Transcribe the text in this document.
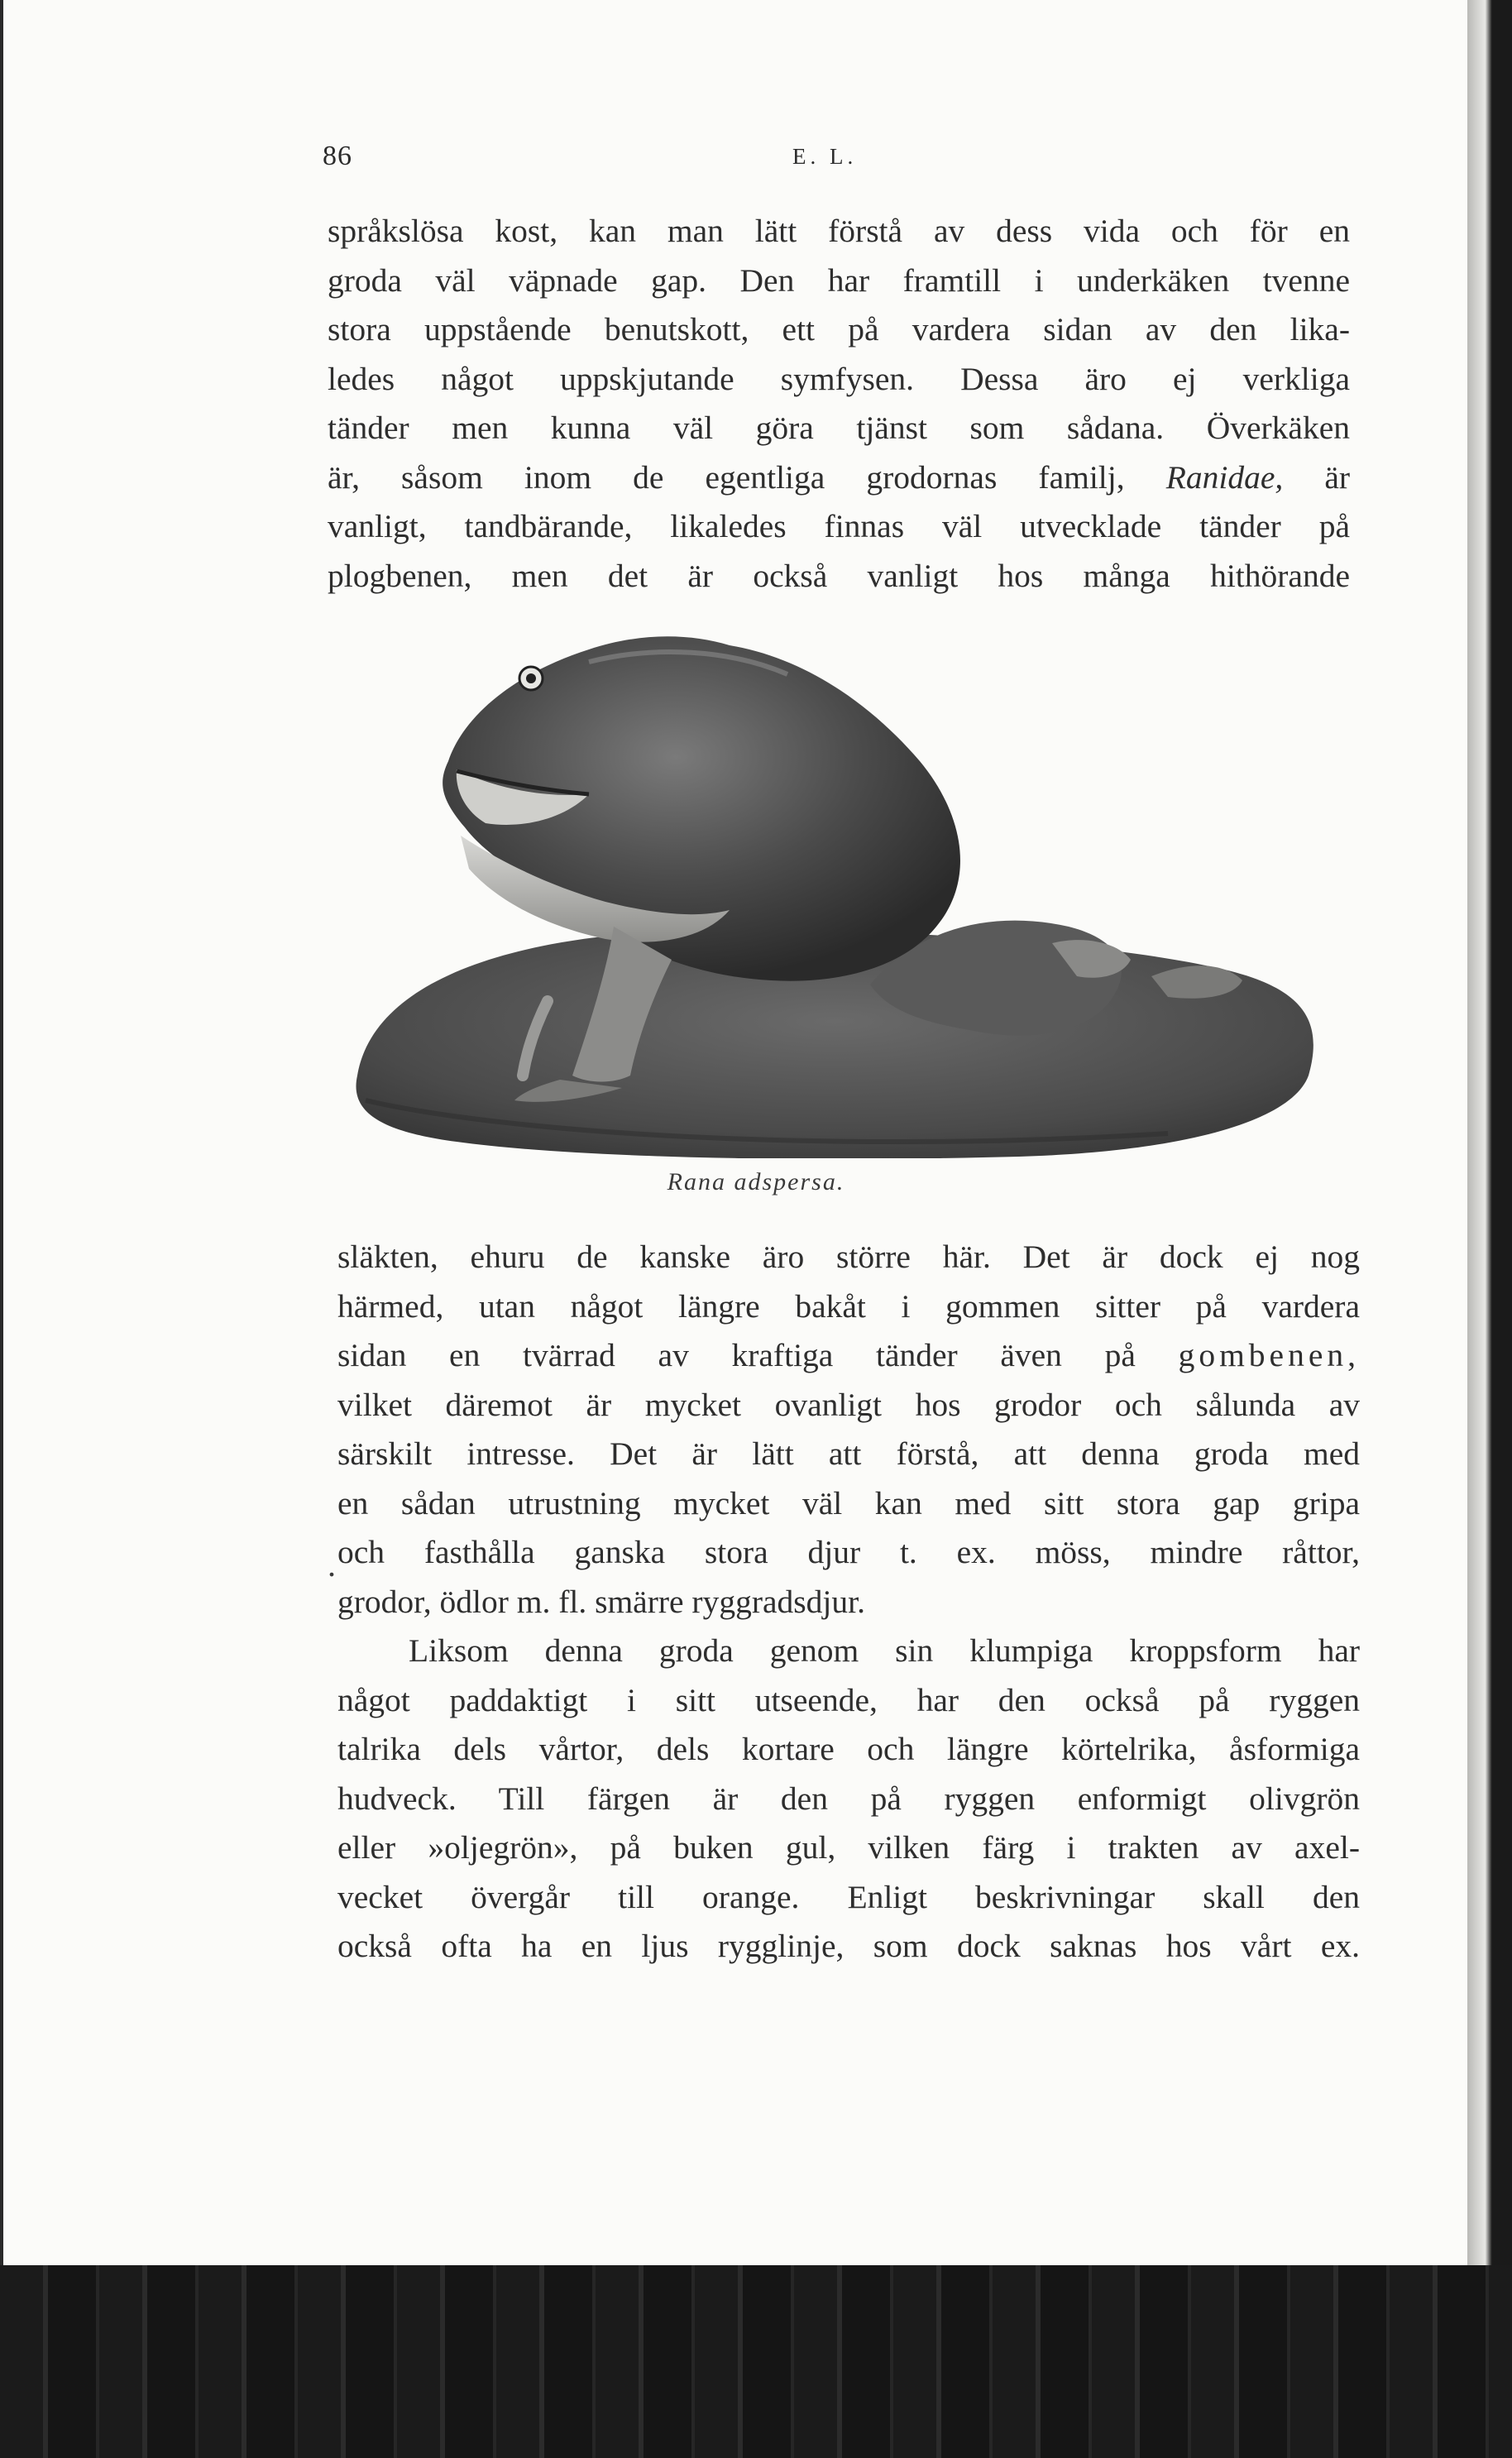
86	E. L.
språkslösa kost, kan man lätt förstå av dess vida och för en
groda väl väpnade gap. Den har framtill i underkäken tvenne
stora uppstående benutskott, ett på vardera sidan av den lika-
ledes något uppskjutande symfysen. Dessa äro ej verkliga
tänder men kunna väl göra tjänst som sådana. Överkäken
är, såsom inom de egentliga grodornas familj, Ranidae, är
vanligt, tandbärande, likaledes finnas väl utvecklade tänder på
plogbenen, men det är också vanligt hos många hithörande
släkten, ehuru de kanske äro större här. Det är dock ej nog
härmed, utan något längre bakåt i gommen sitter på vardera
sidan en tvärrad av kraftiga tänder även på gombenen,
vilket däremot är mycket ovanligt hos grodor och sålunda av
särskilt intresse. Det är lätt att förstå, att denna groda med
en sådan utrustning mycket väl kan med sitt stora gap gripa
och fasthålla ganska stora djur t. ex. möss, mindre råttor,
grodor, ödlor m. fl. smärre ryggradsdjur.
Liksom denna groda genom sin klumpiga kroppsform har
något paddaktigt i sitt utseende, har den också på ryggen
talrika dels vårtor, dels kortare och längre körtelrika, åsformiga
hudveck. Till färgen är den på ryggen enformigt olivgrön
eller »oljegrön», på buken gul, vilken färg i trakten av axel-
vecket övergår till orange. Enligt beskrivningar skall den
också ofta ha en ljus rygglinje, som dock saknas hos vårt ex.
.
Rana adspersa.
